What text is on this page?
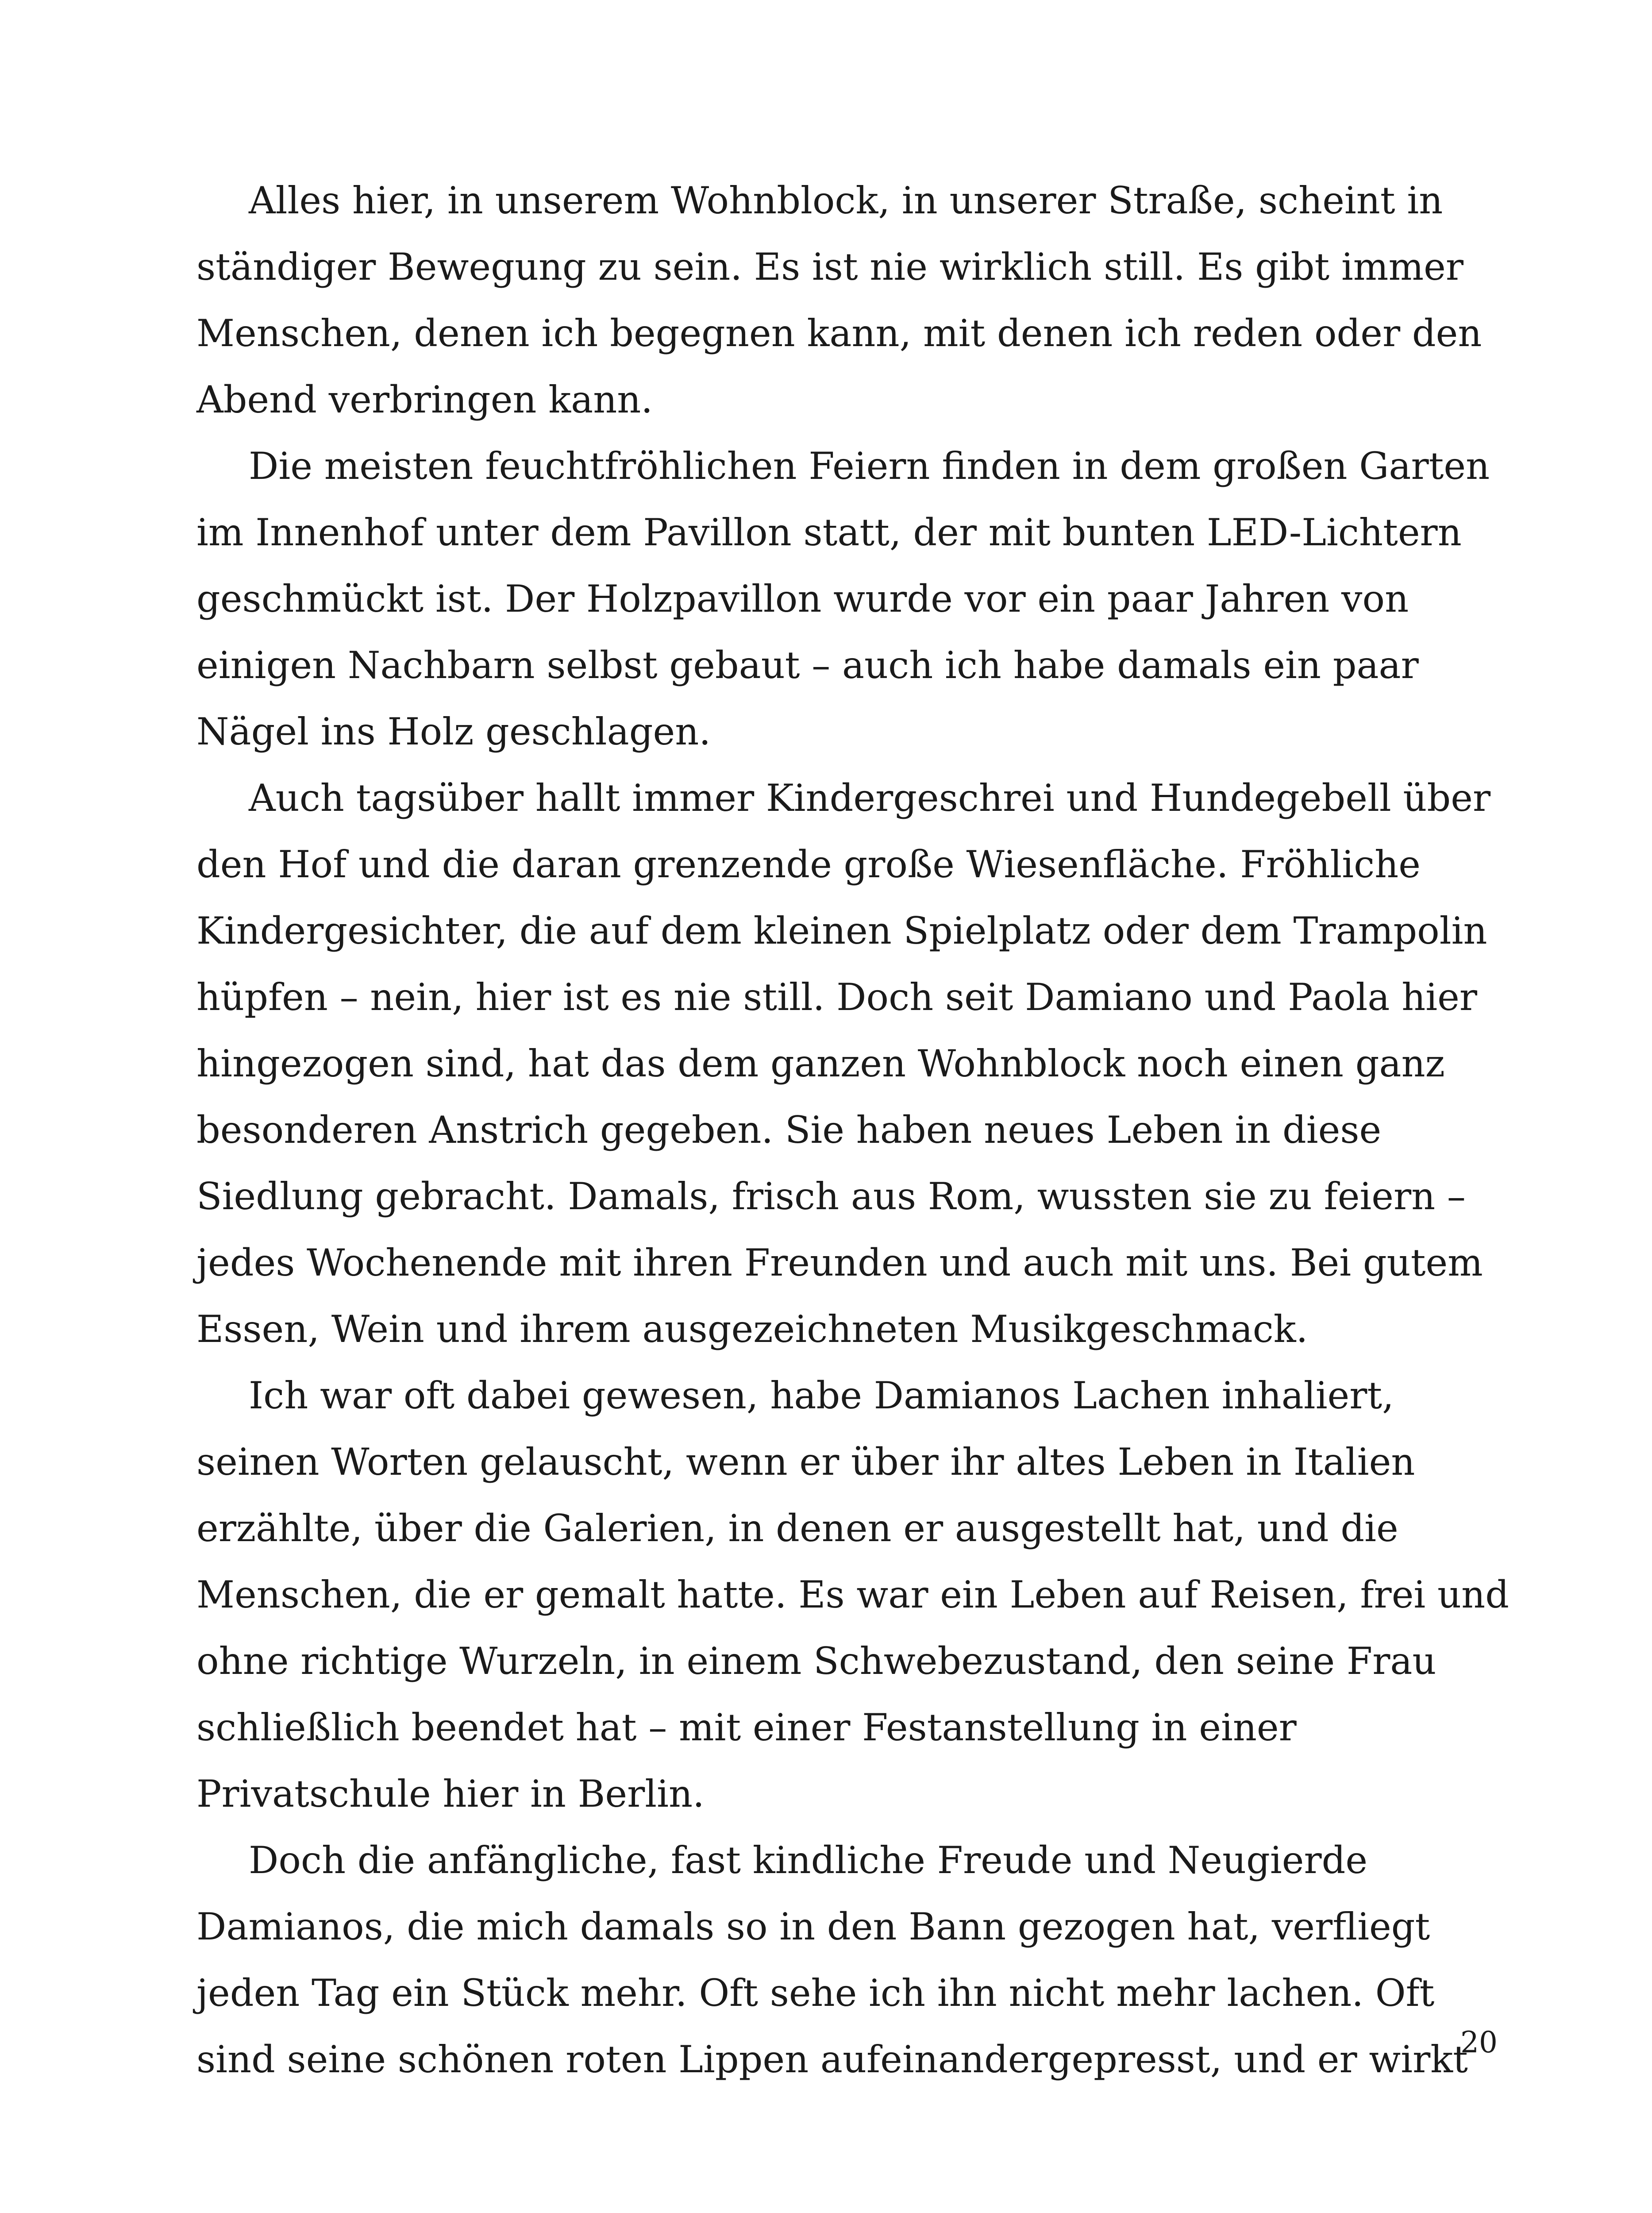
Alles hier, in unserem Wohnblock, in unserer Straße, scheint in
ständiger Bewegung zu sein. Es ist nie wirklich still. Es gibt immer
Menschen, denen ich begegnen kann, mit denen ich reden oder den
Abend verbringen kann.
Die meisten feuchtfröhlichen Feiern finden in dem großen Garten
im Innenhof unter dem Pavillon statt, der mit bunten LED-Lichtern
geschmückt ist. Der Holzpavillon wurde vor ein paar Jahren von
einigen Nachbarn selbst gebaut – auch ich habe damals ein paar
Nägel ins Holz geschlagen.
Auch tagsüber hallt immer Kindergeschrei und Hundegebell über
den Hof und die daran grenzende große Wiesenfläche. Fröhliche
Kindergesichter, die auf dem kleinen Spielplatz oder dem Trampolin
hüpfen – nein, hier ist es nie still. Doch seit Damiano und Paola hier
hingezogen sind, hat das dem ganzen Wohnblock noch einen ganz
besonderen Anstrich gegeben. Sie haben neues Leben in diese
Siedlung gebracht. Damals, frisch aus Rom, wussten sie zu feiern –
jedes Wochenende mit ihren Freunden und auch mit uns. Bei gutem
Essen, Wein und ihrem ausgezeichneten Musikgeschmack.
Ich war oft dabei gewesen, habe Damianos Lachen inhaliert,
seinen Worten gelauscht, wenn er über ihr altes Leben in Italien
erzählte, über die Galerien, in denen er ausgestellt hat, und die
Menschen, die er gemalt hatte. Es war ein Leben auf Reisen, frei und
ohne richtige Wurzeln, in einem Schwebezustand, den seine Frau
schließlich beendet hat – mit einer Festanstellung in einer
Privatschule hier in Berlin.
Doch die anfängliche, fast kindliche Freude und Neugierde
Damianos, die mich damals so in den Bann gezogen hat, verfliegt
jeden Tag ein Stück mehr. Oft sehe ich ihn nicht mehr lachen. Oft
sind seine schönen roten Lippen aufeinandergepresst, und er wirkt
20
